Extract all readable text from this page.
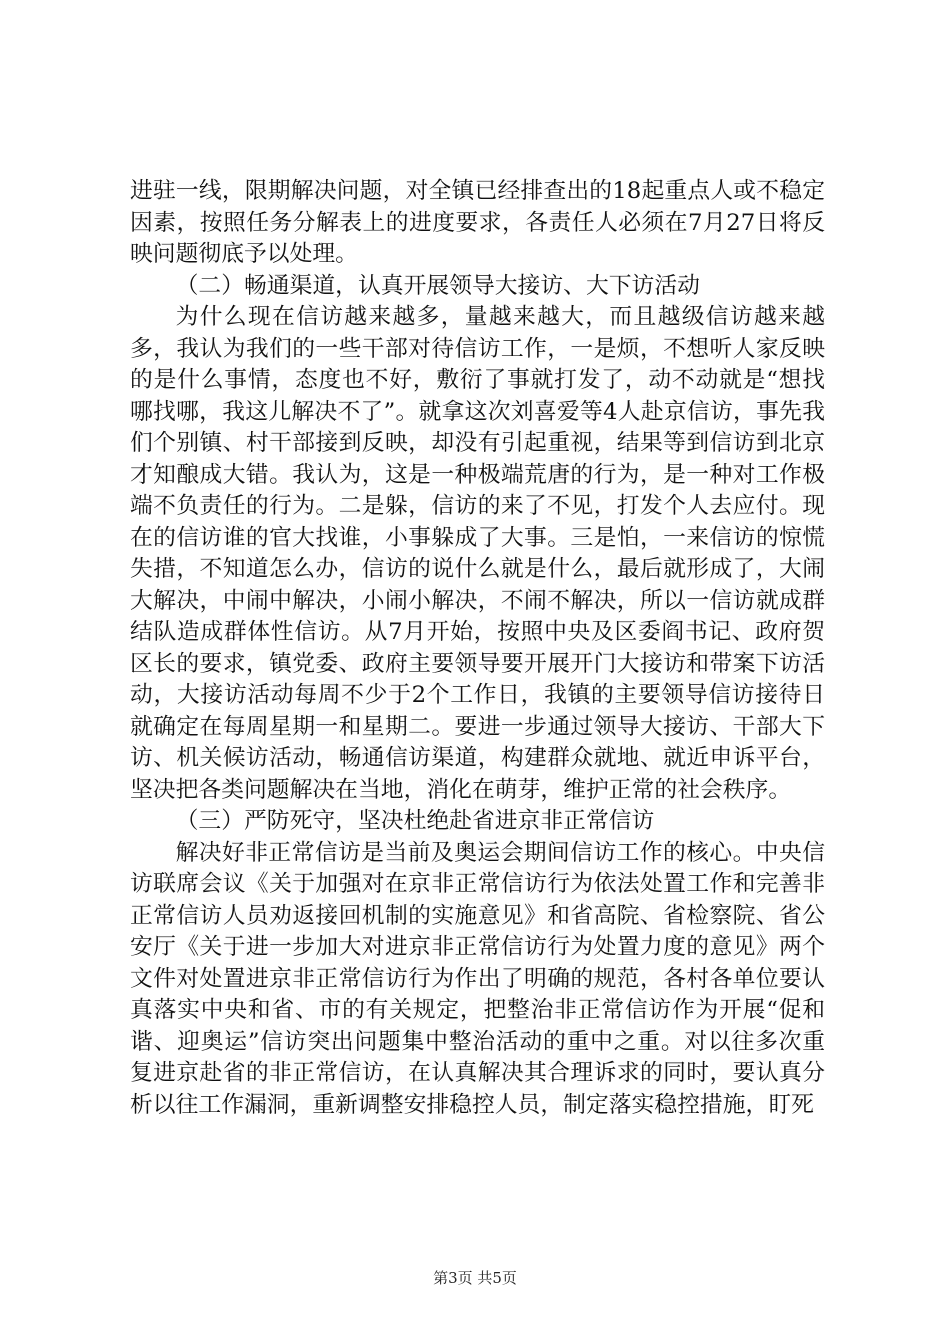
进驻一线，限期解决问题，对全镇已经排查出的18起重点人或不稳定因素，按照任务分解表上的进度要求，各责任人必须在7月27日将反映问题彻底予以处理。

（二）畅通渠道，认真开展领导大接访、大下访活动

为什么现在信访越来越多，量越来越大，而且越级信访越来越多，我认为我们的一些干部对待信访工作，一是烦，不想听人家反映的是什么事情，态度也不好，敷衍了事就打发了，动不动就是“想找哪找哪，我这儿解决不了”。就拿这次刘喜爱等4人赴京信访，事先我们个别镇、村干部接到反映，却没有引起重视，结果等到信访到北京才知酿成大错。我认为，这是一种极端荒唐的行为，是一种对工作极端不负责任的行为。二是躲，信访的来了不见，打发个人去应付。现在的信访谁的官大找谁，小事躲成了大事。三是怕，一来信访的惊慌失措，不知道怎么办，信访的说什么就是什么，最后就形成了，大闹大解决，中闹中解决，小闹小解决，不闹不解决，所以一信访就成群结队造成群体性信访。从7月开始，按照中央及区委阎书记、政府贺区长的要求，镇党委、政府主要领导要开展开门大接访和带案下访活动，大接访活动每周不少于2个工作日，我镇的主要领导信访接待日就确定在每周星期一和星期二。要进一步通过领导大接访、干部大下访、机关候访活动，畅通信访渠道，构建群众就地、就近申诉平台，坚决把各类问题解决在当地，消化在萌芽，维护正常的社会秩序。

（三）严防死守，坚决杜绝赴省进京非正常信访

解决好非正常信访是当前及奥运会期间信访工作的核心。中央信访联席会议《关于加强对在京非正常信访行为依法处置工作和完善非正常信访人员劝返接回机制的实施意见》和省高院、省检察院、省公安厅《关于进一步加大对进京非正常信访行为处置力度的意见》两个文件对处置进京非正常信访行为作出了明确的规范，各村各单位要认真落实中央和省、市的有关规定，把整治非正常信访作为开展“促和谐、迎奥运”信访突出问题集中整治活动的重中之重。对以往多次重复进京赴省的非正常信访，在认真解决其合理诉求的同时，要认真分析以往工作漏洞，重新调整安排稳控人员，制定落实稳控措施，盯死

第3页 共5页
